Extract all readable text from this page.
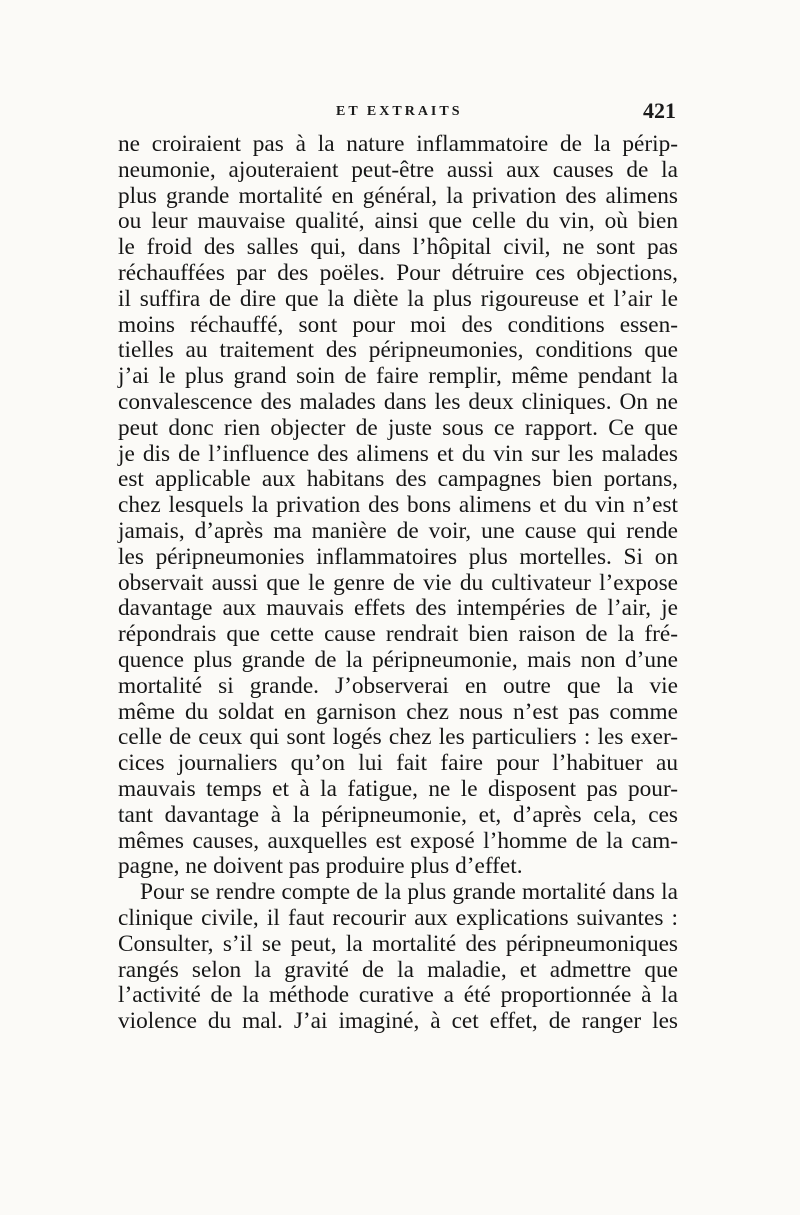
ET EXTRAITS	421
ne croiraient pas à la nature inflammatoire de la périp-
neumonie, ajouteraient peut-être aussi aux causes de la
plus grande mortalité en général, la privation des alimens
ou leur mauvaise qualité, ainsi que celle du vin, où bien
le froid des salles qui, dans l’hôpital civil, ne sont pas
réchauffées par des poëles. Pour détruire ces objections,
il suffira de dire que la diète la plus rigoureuse et l’air le
moins réchauffé, sont pour moi des conditions essen-
tielles au traitement des péripneumonies, conditions que
j’ai le plus grand soin de faire remplir, même pendant la
convalescence des malades dans les deux cliniques. On ne
peut donc rien objecter de juste sous ce rapport. Ce que
je dis de l’influence des alimens et du vin sur les malades
est applicable aux habitans des campagnes bien portans,
chez lesquels la privation des bons alimens et du vin n’est
jamais, d’après ma manière de voir, une cause qui rende
les péripneumonies inflammatoires plus mortelles. Si on
observait aussi que le genre de vie du cultivateur l’expose
davantage aux mauvais effets des intempéries de l’air, je
répondrais que cette cause rendrait bien raison de la fré-
quence plus grande de la péripneumonie, mais non d’une
mortalité si grande. J’observerai en outre que la vie
même du soldat en garnison chez nous n’est pas comme
celle de ceux qui sont logés chez les particuliers : les exer-
cices journaliers qu’on lui fait faire pour l’habituer au
mauvais temps et à la fatigue, ne le disposent pas pour-
tant davantage à la péripneumonie, et, d’après cela, ces
mêmes causes, auxquelles est exposé l’homme de la cam-
pagne, ne doivent pas produire plus d’effet.
Pour se rendre compte de la plus grande mortalité dans la
clinique civile, il faut recourir aux explications suivantes :
Consulter, s’il se peut, la mortalité des péripneumoniques
rangés selon la gravité de la maladie, et admettre que
l’activité de la méthode curative a été proportionnée à la
violence du mal. J’ai imaginé, à cet effet, de ranger les
